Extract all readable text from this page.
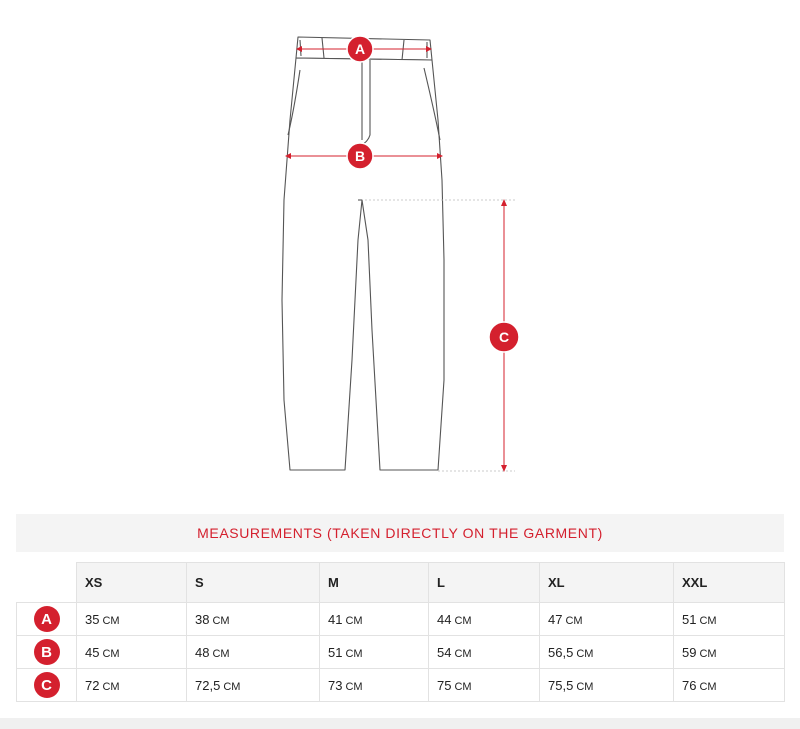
A
B
C
MEASUREMENTS (TAKEN DIRECTLY ON THE GARMENT)
	XS	S	M	L	XL	XXL
A	35 CM	38 CM	41 CM	44 CM	47 CM	51 CM
B	45 CM	48 CM	51 CM	54 CM	56,5 CM	59 CM
C	72 CM	72,5 CM	73 CM	75 CM	75,5 CM	76 CM
